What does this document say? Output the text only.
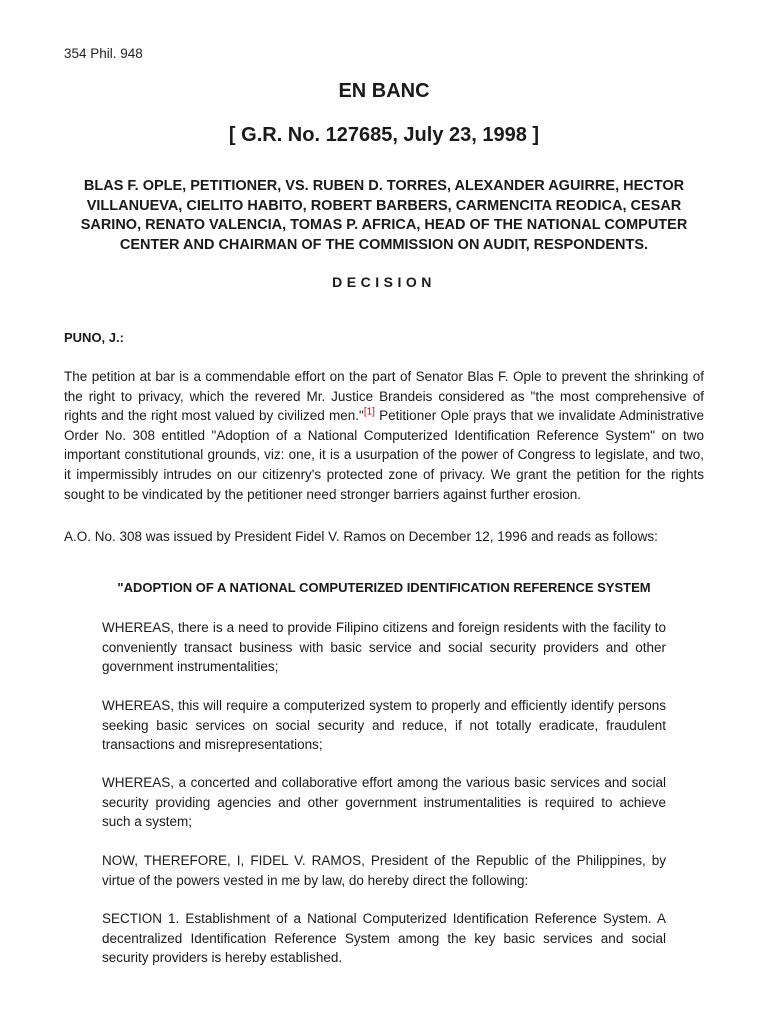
354 Phil. 948
EN BANC
[ G.R. No. 127685, July 23, 1998 ]
BLAS F. OPLE, PETITIONER, VS. RUBEN D. TORRES, ALEXANDER AGUIRRE, HECTOR VILLANUEVA, CIELITO HABITO, ROBERT BARBERS, CARMENCITA REODICA, CESAR SARINO, RENATO VALENCIA, TOMAS P. AFRICA, HEAD OF THE NATIONAL COMPUTER CENTER AND CHAIRMAN OF THE COMMISSION ON AUDIT, RESPONDENTS.
DECISION

PUNO, J.:

The petition at bar is a commendable effort on the part of Senator Blas F. Ople to prevent the shrinking of the right to privacy, which the revered Mr. Justice Brandeis considered as "the most comprehensive of rights and the right most valued by civilized men."[1] Petitioner Ople prays that we invalidate Administrative Order No. 308 entitled "Adoption of a National Computerized Identification Reference System" on two important constitutional grounds, viz: one, it is a usurpation of the power of Congress to legislate, and two, it impermissibly intrudes on our citizenry's protected zone of privacy. We grant the petition for the rights sought to be vindicated by the petitioner need stronger barriers against further erosion.

A.O. No. 308 was issued by President Fidel V. Ramos on December 12, 1996 and reads as follows:

"ADOPTION OF A NATIONAL COMPUTERIZED IDENTIFICATION REFERENCE SYSTEM

WHEREAS, there is a need to provide Filipino citizens and foreign residents with the facility to conveniently transact business with basic service and social security providers and other government instrumentalities;

WHEREAS, this will require a computerized system to properly and efficiently identify persons seeking basic services on social security and reduce, if not totally eradicate, fraudulent transactions and misrepresentations;

WHEREAS, a concerted and collaborative effort among the various basic services and social security providing agencies and other government instrumentalities is required to achieve such a system;

NOW, THEREFORE, I, FIDEL V. RAMOS, President of the Republic of the Philippines, by virtue of the powers vested in me by law, do hereby direct the following:

SECTION 1. Establishment of a National Computerized Identification Reference System. A decentralized Identification Reference System among the key basic services and social security providers is hereby established.
